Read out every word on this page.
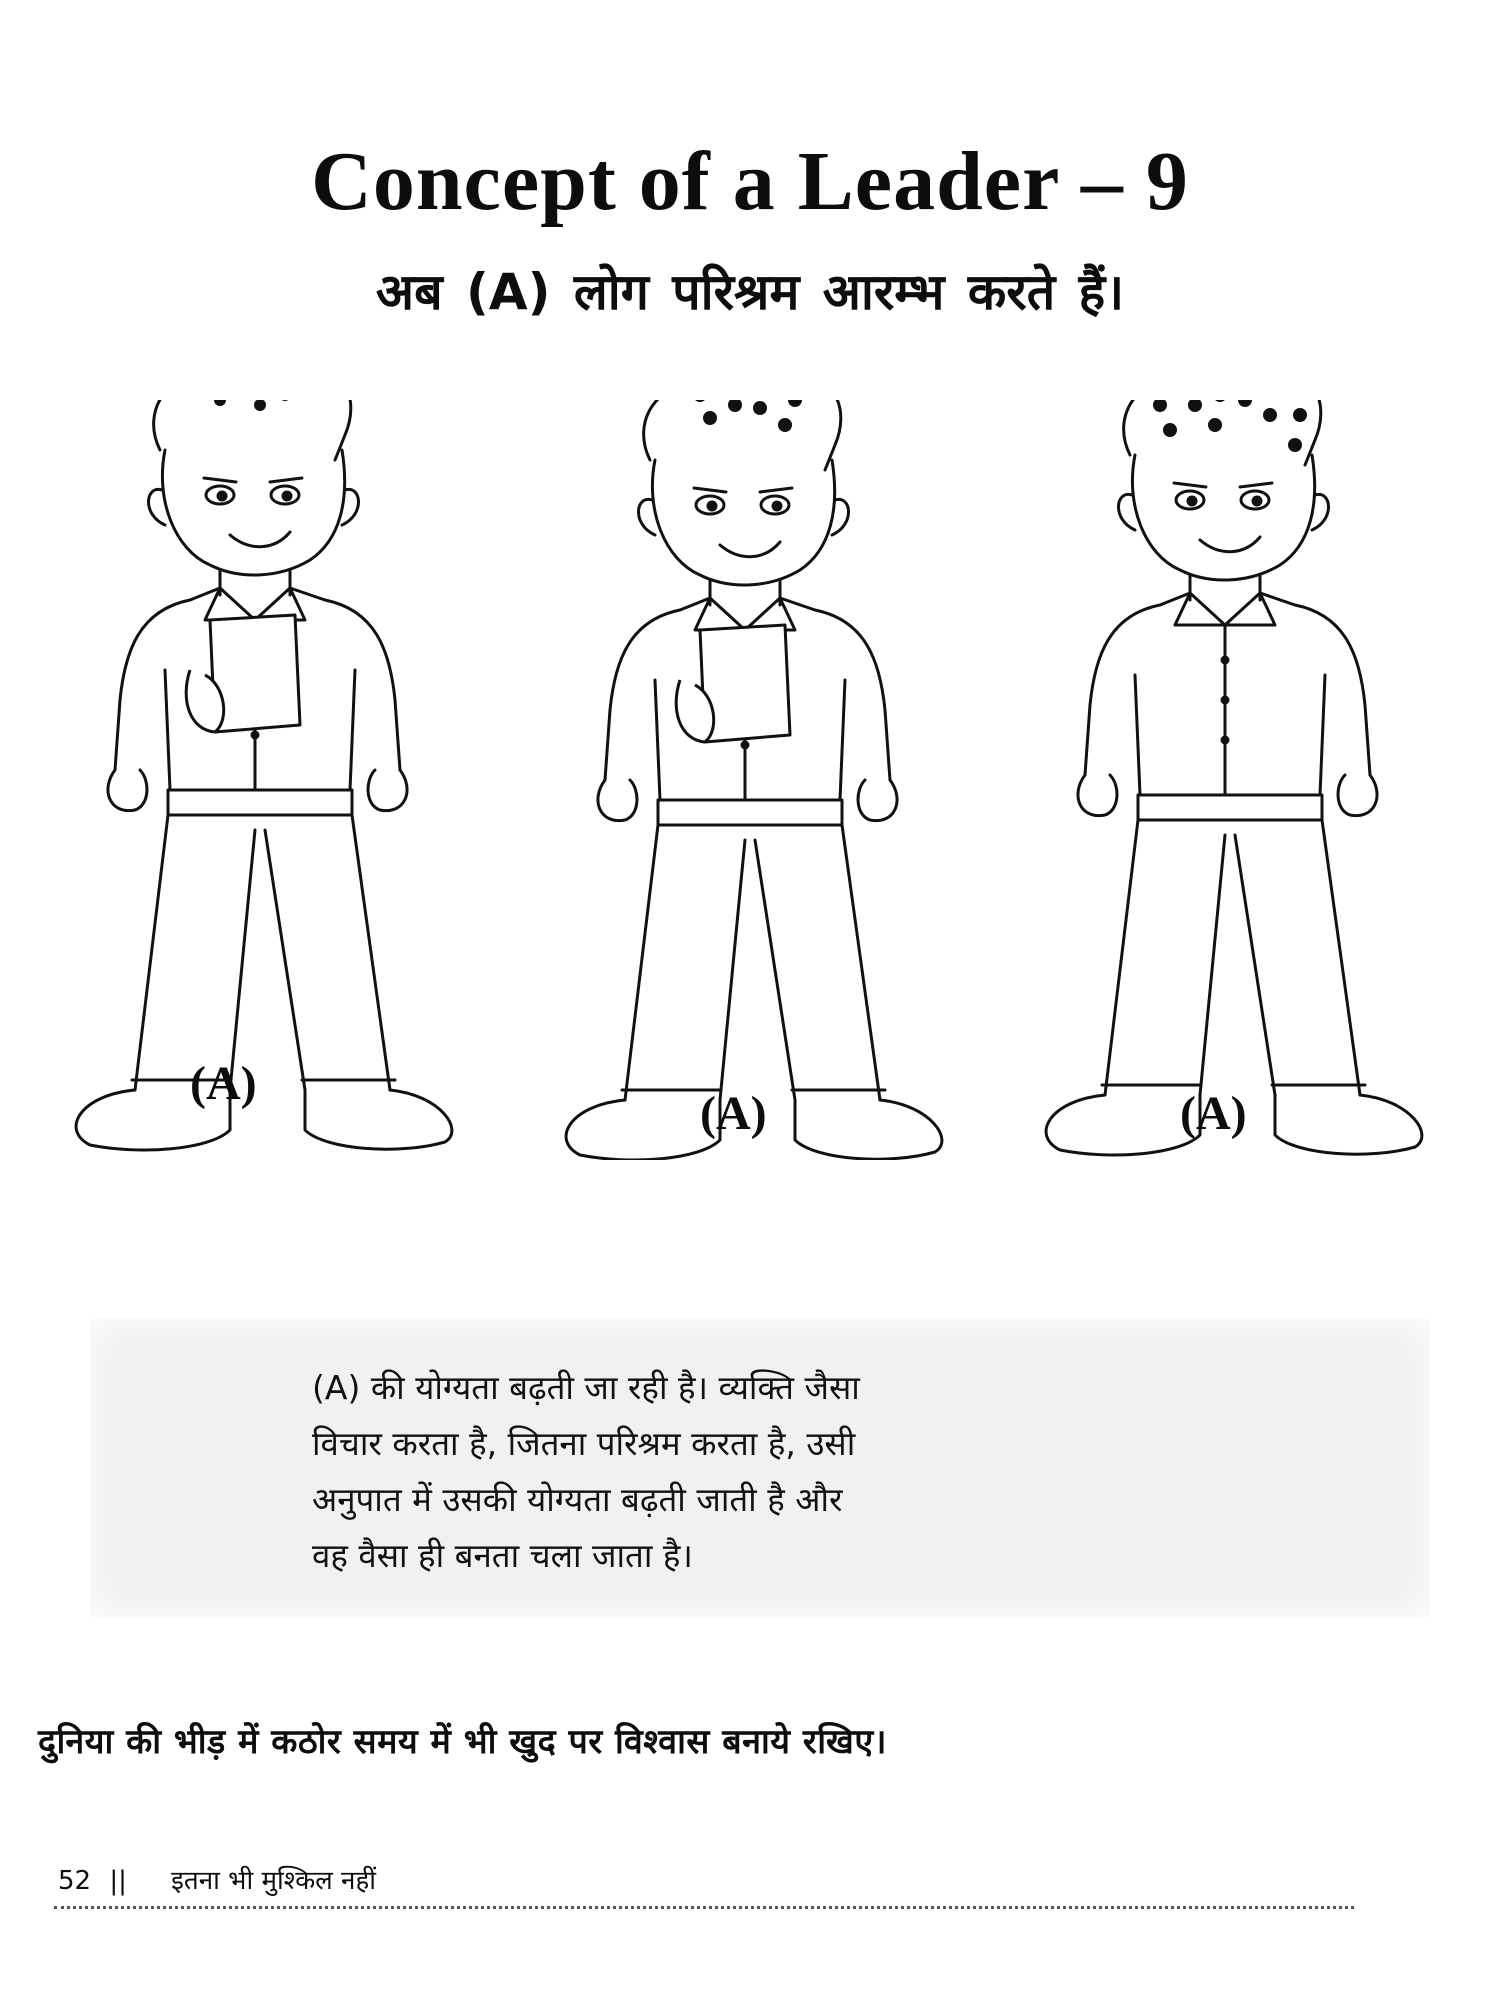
Concept of a Leader – 9
अब (A) लोग परिश्रम आरम्भ करते हैं।
(A)
(A)	(A)
(A) की योग्यता बढ़ती जा रही है। व्यक्ति जैसा
विचार करता है, जितना परिश्रम करता है, उसी
अनुपात में उसकी योग्यता बढ़ती जाती है और
वह वैसा ही बनता चला जाता है।
दुनिया की भीड़ में कठोर समय में भी खुद पर विश्वास बनाये रखिए।
52 || इतना भी मुश्किल नहीं
